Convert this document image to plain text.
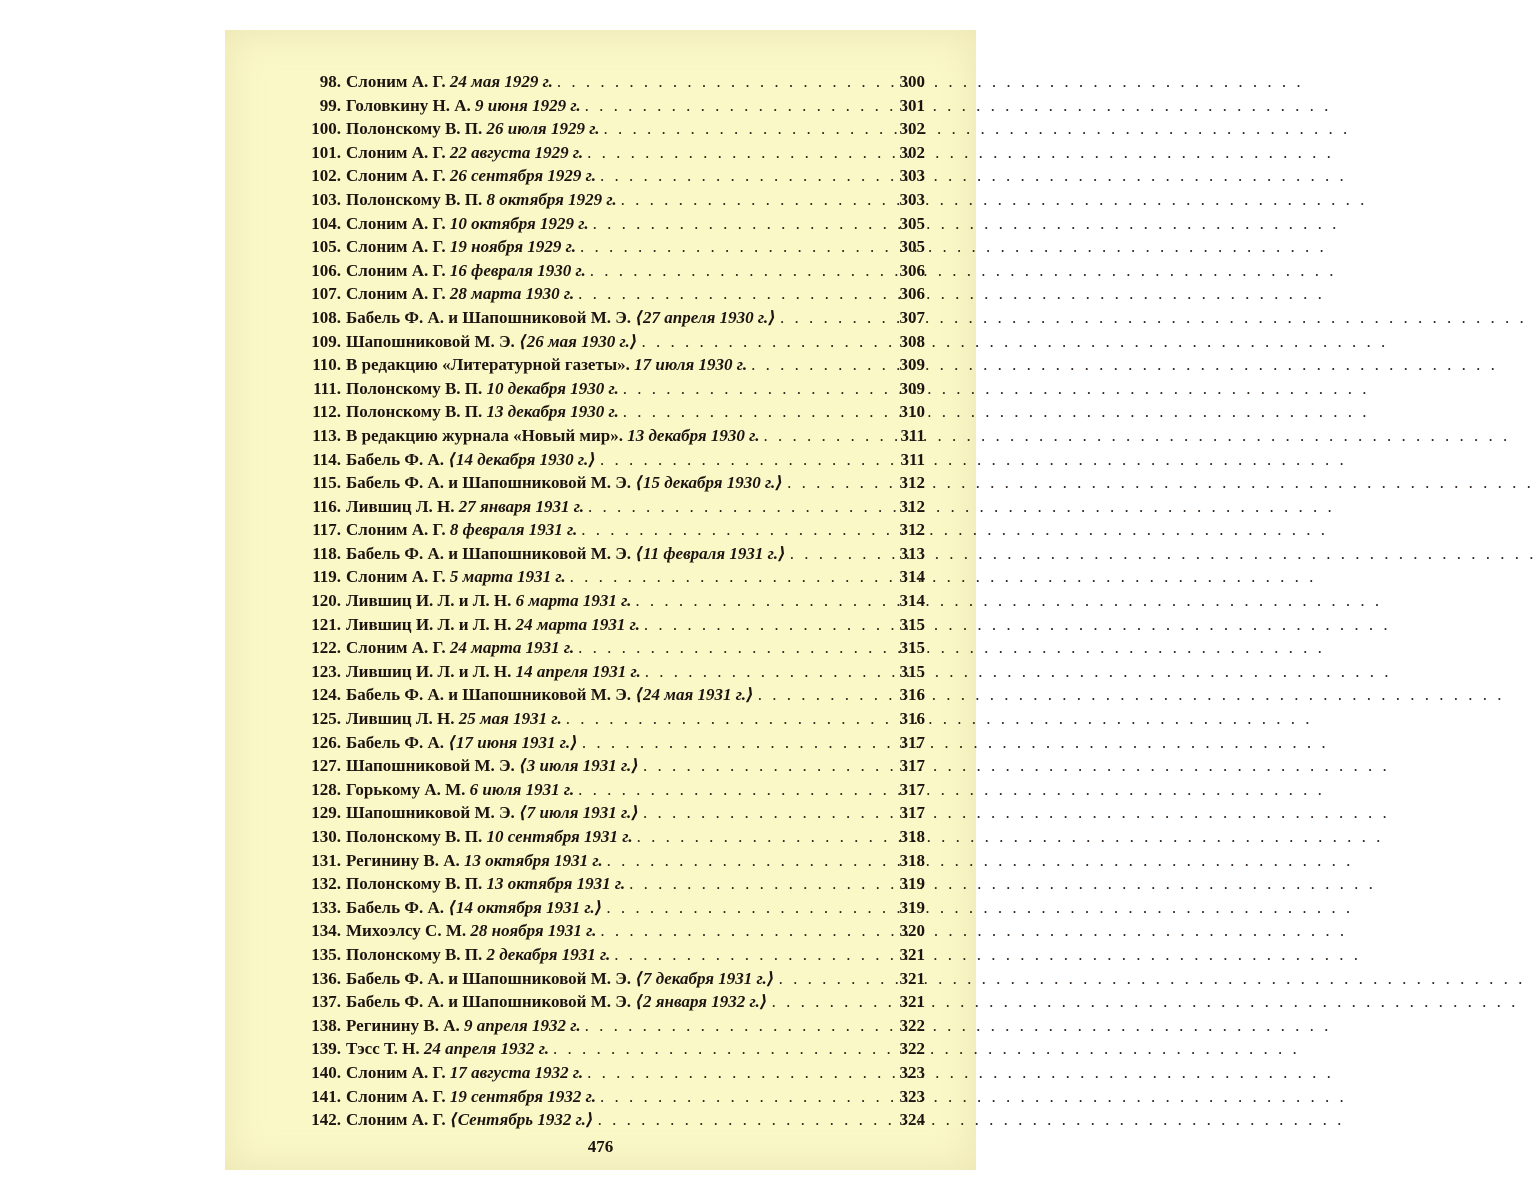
98. Слоним А. Г. 24 мая 1929 г. . . .	300
99. Головкину Н. А. 9 июня 1929 г. . . .	301
100. Полонскому В. П. 26 июля 1929 г. . . .	302
101. Слоним А. Г. 22 августа 1929 г. . . .	302
102. Слоним А. Г. 26 сентября 1929 г. . . .	303
103. Полонскому В. П. 8 октября 1929 г. . . .	303
104. Слоним А. Г. 10 октября 1929 г. . . .	305
105. Слоним А. Г. 19 ноября 1929 г. . . .	305
106. Слоним А. Г. 16 февраля 1930 г. . . .	306
107. Слоним А. Г. 28 марта 1930 г. . . .	306
108. Бабель Ф. А. и Шапошниковой М. Э. ⟨27 апреля 1930 г.⟩ . . .	307
109. Шапошниковой М. Э. ⟨26 мая 1930 г.⟩ . . .	308
110. В редакцию «Литературной газеты». 17 июля 1930 г. . . .	309
111. Полонскому В. П. 10 декабря 1930 г. . . .	309
112. Полонскому В. П. 13 декабря 1930 г. . . .	310
113. В редакцию журнала «Новый мир». 13 декабря 1930 г. . . .	311
114. Бабель Ф. А. ⟨14 декабря 1930 г.⟩ . . .	311
115. Бабель Ф. А. и Шапошниковой М. Э. ⟨15 декабря 1930 г.⟩ . . .	312
116. Лившиц Л. Н. 27 января 1931 г. . . .	312
117. Слоним А. Г. 8 февраля 1931 г. . . .	312
118. Бабель Ф. А. и Шапошниковой М. Э. ⟨11 февраля 1931 г.⟩ . . .	313
119. Слоним А. Г. 5 марта 1931 г. . . .	314
120. Лившиц И. Л. и Л. Н. 6 марта 1931 г. . . .	314
121. Лившиц И. Л. и Л. Н. 24 марта 1931 г. . . .	315
122. Слоним А. Г. 24 марта 1931 г. . . .	315
123. Лившиц И. Л. и Л. Н. 14 апреля 1931 г. . . .	315
124. Бабель Ф. А. и Шапошниковой М. Э. ⟨24 мая 1931 г.⟩ . . .	316
125. Лившиц Л. Н. 25 мая 1931 г. . . .	316
126. Бабель Ф. А. ⟨17 июня 1931 г.⟩ . . .	317
127. Шапошниковой М. Э. ⟨3 июля 1931 г.⟩ . . .	317
128. Горькому А. М. 6 июля 1931 г. . . .	317
129. Шапошниковой М. Э. ⟨7 июля 1931 г.⟩ . . .	317
130. Полонскому В. П. 10 сентября 1931 г. . . .	318
131. Регинину В. А. 13 октября 1931 г. . . .	318
132. Полонскому В. П. 13 октября 1931 г. . . .	319
133. Бабель Ф. А. ⟨14 октября 1931 г.⟩ . . .	319
134. Михоэлсу С. М. 28 ноября 1931 г. . . .	320
135. Полонскому В. П. 2 декабря 1931 г. . . .	321
136. Бабель Ф. А. и Шапошниковой М. Э. ⟨7 декабря 1931 г.⟩ . . .	321
137. Бабель Ф. А. и Шапошниковой М. Э. ⟨2 января 1932 г.⟩ . . .	321
138. Регинину В. А. 9 апреля 1932 г. . . .	322
139. Тэсс Т. Н. 24 апреля 1932 г. . . .	322
140. Слоним А. Г. 17 августа 1932 г. . . .	323
141. Слоним А. Г. 19 сентября 1932 г. . . .	323
142. Слоним А. Г. ⟨Сентябрь 1932 г.⟩ . . .	324
476
